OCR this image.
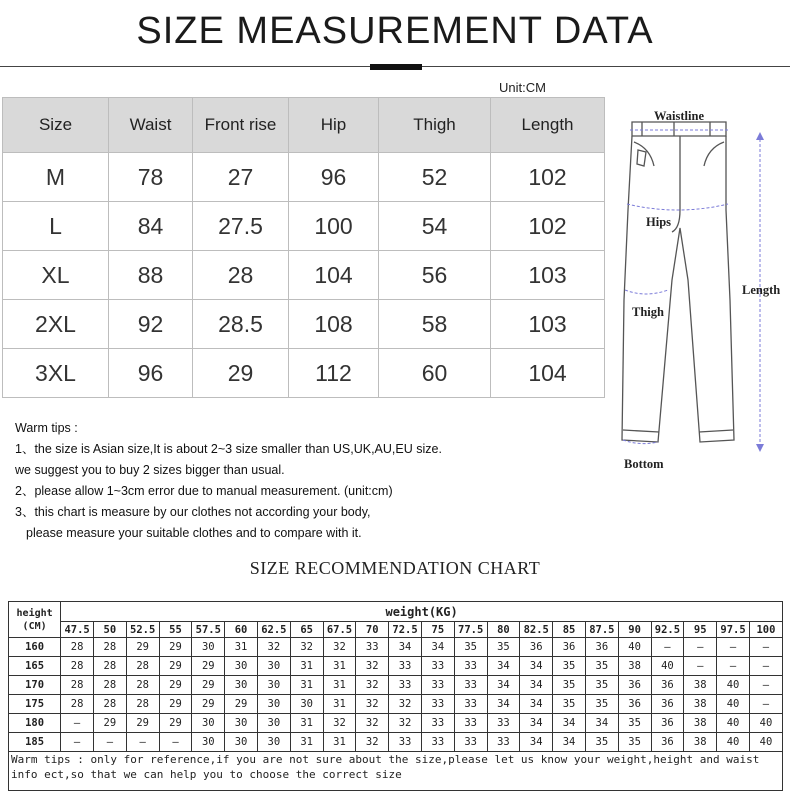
SIZE MEASUREMENT DATA
Unit:CM
Size	Waist	Front rise	Hip	Thigh	Length
M	78	27	96	52	102
L	84	27.5	100	54	102
XL	88	28	104	56	103
2XL	92	28.5	108	58	103
3XL	96	29	112	60	104
Warm tips :
1、the size is Asian size,It is about 2~3 size smaller than US,UK,AU,EU size.
we suggest you to buy 2 sizes bigger than usual.
2、please allow 1~3cm error due to manual measurement. (unit:cm)
3、this chart is measure by our clothes not according your body,
please measure your suitable clothes and to compare with it.
Waistline
Hips
Thigh
Length
Bottom
SIZE RECOMMENDATION CHART
height
(CM)	weight(KG)																					
	47.5	50	52.5	55	57.5	60	62.5	65	67.5	70	72.5	75	77.5	80	82.5	85	87.5	90	92.5	95	97.5	100
160	28	28	29	29	30	31	32	32	32	33	34	34	35	35	36	36	36	40	—	—	—	—
165	28	28	28	29	29	30	30	31	31	32	33	33	33	34	34	35	35	38	40	—	—	—
170	28	28	28	29	29	30	30	31	31	32	33	33	33	34	34	35	35	36	36	38	40	—
175	28	28	28	29	29	29	30	30	31	32	32	33	33	34	34	35	35	36	36	38	40	—
180	—	29	29	29	30	30	30	31	32	32	32	33	33	33	34	34	34	35	36	38	40	40
185	—	—	—	—	30	30	30	31	31	32	33	33	33	33	34	34	35	35	36	38	40	40
Warm tips : only for reference,if you are not sure about the size,please let us know your weight,height and waist info ect,so that we can help you to choose the correct size																						
